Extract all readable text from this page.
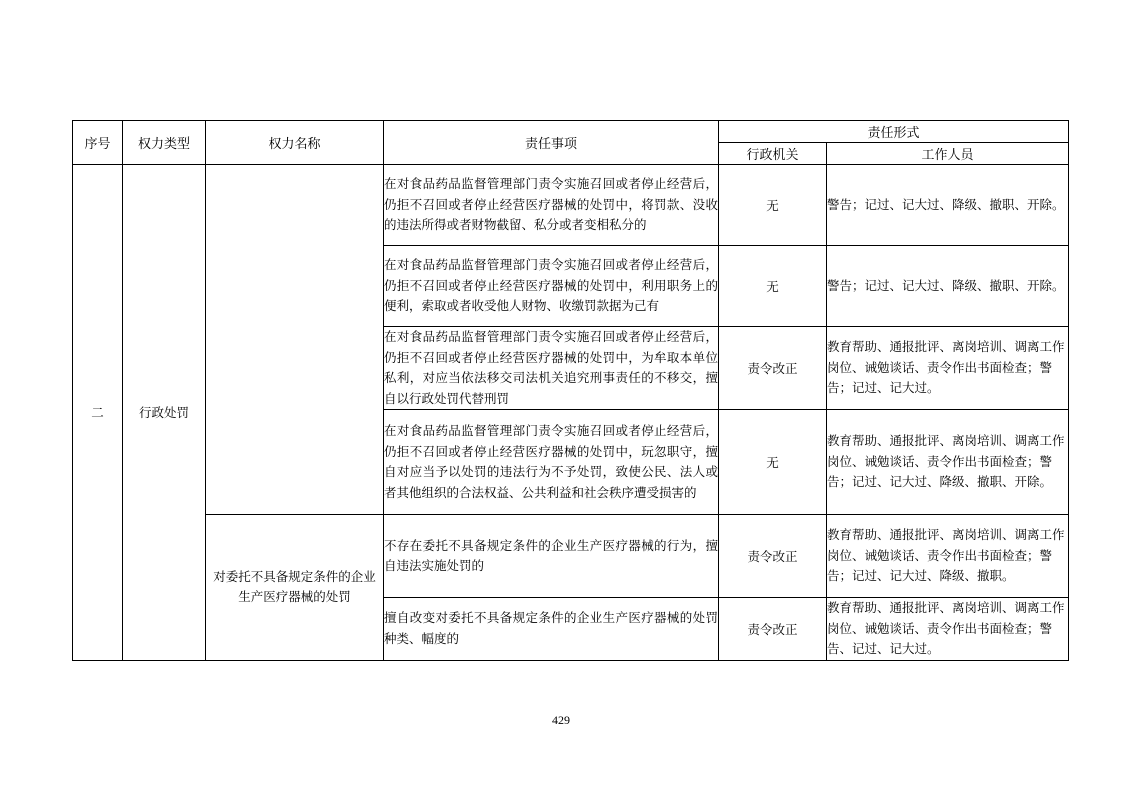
序号	权力类型	权力名称	责任事项	责任形式	
				行政机关	工作人员
二	行政处罚		在对食品药品监督管理部门责令实施召回或者停止经营后，仍拒不召回或者停止经营医疗器械的处罚中，将罚款、没收的违法所得或者财物截留、私分或者变相私分的	无	警告；记过、记大过、降级、撤职、开除。
			在对食品药品监督管理部门责令实施召回或者停止经营后，仍拒不召回或者停止经营医疗器械的处罚中，利用职务上的便利，索取或者收受他人财物、收缴罚款据为己有	无	警告；记过、记大过、降级、撤职、开除。
			在对食品药品监督管理部门责令实施召回或者停止经营后，仍拒不召回或者停止经营医疗器械的处罚中，为牟取本单位私利，对应当依法移交司法机关追究刑事责任的不移交，擅自以行政处罚代替刑罚	责令改正	教育帮助、通报批评、离岗培训、调离工作岗位、诫勉谈话、责令作出书面检查；警告；记过、记大过。
			在对食品药品监督管理部门责令实施召回或者停止经营后，仍拒不召回或者停止经营医疗器械的处罚中，玩忽职守，擅自对应当予以处罚的违法行为不予处罚，致使公民、法人或者其他组织的合法权益、公共利益和社会秩序遭受损害的	无	教育帮助、通报批评、离岗培训、调离工作岗位、诫勉谈话、责令作出书面检查；警告；记过、记大过、降级、撤职、开除。
		对委托不具备规定条件的企业生产医疗器械的处罚	不存在委托不具备规定条件的企业生产医疗器械的行为，擅自违法实施处罚的	责令改正	教育帮助、通报批评、离岗培训、调离工作岗位、诫勉谈话、责令作出书面检查；警告；记过、记大过、降级、撤职。
			擅自改变对委托不具备规定条件的企业生产医疗器械的处罚种类、幅度的	责令改正	教育帮助、通报批评、离岗培训、调离工作岗位、诫勉谈话、责令作出书面检查；警告、记过、记大过。
429
